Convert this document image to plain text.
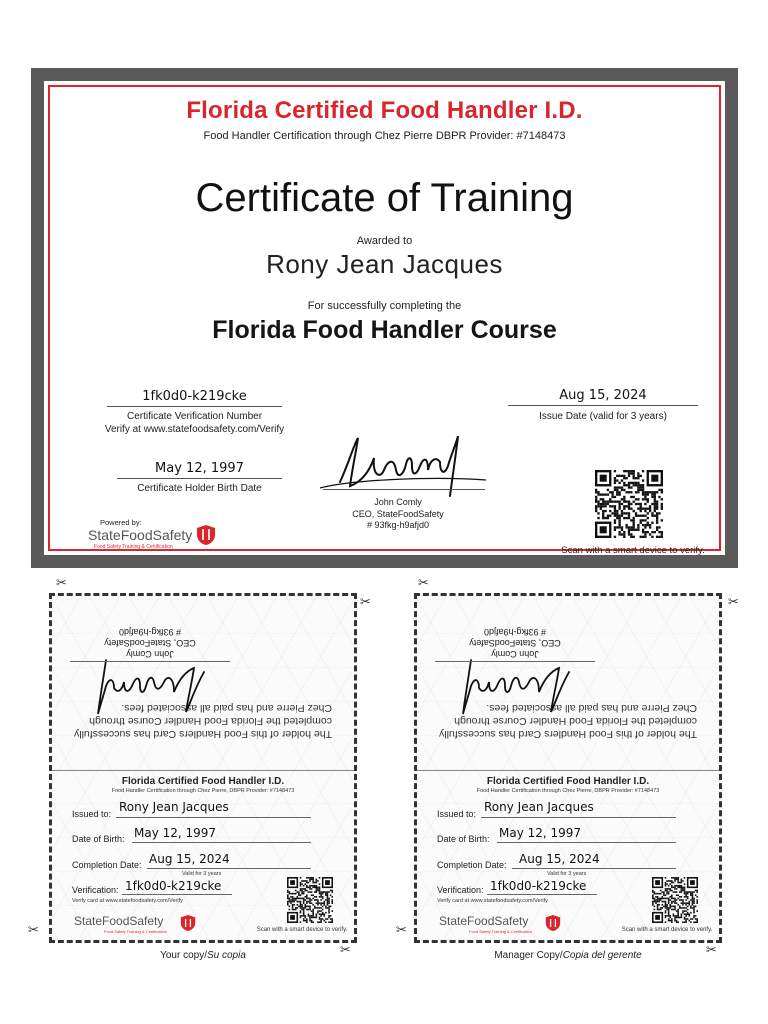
Florida Certified Food Handler I.D.
Food Handler Certification through Chez Pierre DBPR Provider: #7148473
Certificate of Training
Awarded to
Rony Jean Jacques
For successfully completing the
Florida Food Handler Course
1fk0d0-k219cke
Certificate Verification Number
Verify at www.statefoodsafety.com/Verify
Aug 15, 2024
Issue Date (valid for 3 years)
May 12, 1997
Certificate Holder Birth Date
John Comly
CEO, StateFoodSafety
# 93fkg-h9afjd0
Scan with a smart device to verify.
Powered by:
StateFoodSafety
Food Safety Training & Certification
✂
✂
✂
✂
✂
✂
✂
✂
The holder of this Food Handlers Card has successfully completed the Florida Food Handler Course through Chez Pierre and has paid all associated fees.
John Comly
CEO, StateFoodSafety
# 93fkg-h9afjd0
Florida Certified Food Handler I.D.
Food Handler Certification through Chez Pierre, DBPR Provider: #7148473
Issued to: Rony Jean Jacques
Date of Birth: May 12, 1997
Completion Date: Aug 15, 2024
Valid for 3 years
Verification: 1fk0d0-k219cke
Verify card at www.statefoodsafety.com/Verify
Scan with a smart device to verify.
StateFoodSafety
Food Safety Training & Certification
Your copy/Su copia
The holder of this Food Handlers Card has successfully completed the Florida Food Handler Course through Chez Pierre and has paid all associated fees.
John Comly
CEO, StateFoodSafety
# 93fkg-h9afjd0
Florida Certified Food Handler I.D.
Food Handler Certification through Chez Pierre, DBPR Provider: #7148473
Issued to: Rony Jean Jacques
Date of Birth: May 12, 1997
Completion Date: Aug 15, 2024
Valid for 3 years
Verification: 1fk0d0-k219cke
Verify card at www.statefoodsafety.com/Verify
Scan with a smart device to verify.
StateFoodSafety
Food Safety Training & Certification
Manager Copy/Copia del gerente
